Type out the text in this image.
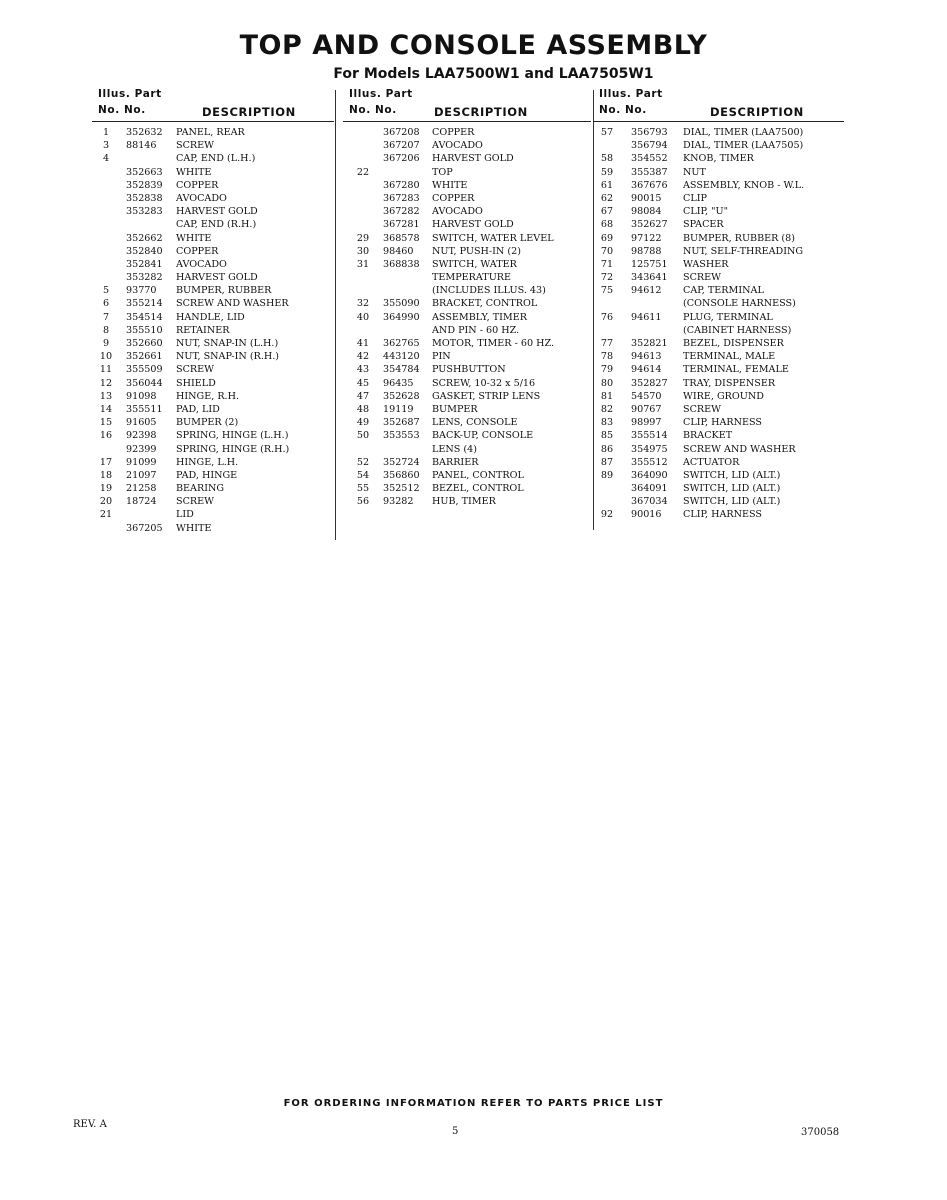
TOP AND CONSOLE ASSEMBLY
For Models LAA7500W1 and LAA7505W1
Illus. Part
No. No.	DESCRIPTION
1	352632 PANEL, REAR
3	88146 SCREW
4	CAP, END (L.H.)
352663 WHITE
352839 COPPER
352838 AVOCADO
353283 HARVEST GOLD
CAP, END (R.H.)
352662 WHITE
352840 COPPER
352841 AVOCADO
353282 HARVEST GOLD
5	93770 BUMPER, RUBBER
6	355214 SCREW AND WASHER
7	354514 HANDLE, LID
8	355510 RETAINER
9	352660 NUT, SNAP-IN (L.H.)
10 352661 NUT, SNAP-IN (R.H.)
11 355509 SCREW
12 356044 SHIELD
13 91098 HINGE, R.H.
14 355511 PAD, LID
15 91605 BUMPER (2)
16 92398 SPRING, HINGE (L.H.)
92399 SPRING, HINGE (R.H.)
17 91099 HINGE, L.H.
18 21097 PAD, HINGE
19 21258 BEARING
20 18724 SCREW
21	LID
367205 WHITE
Illus. Part
No. No.	DESCRIPTION
367208 COPPER
367207 AVOCADO
367206 HARVEST GOLD
22	TOP
367280 WHITE
367283 COPPER
367282 AVOCADO
367281 HARVEST GOLD
29 368578 SWITCH, WATER LEVEL
30 98460 NUT, PUSH-IN (2)
31 368838 SWITCH, WATER
TEMPERATURE
(INCLUDES ILLUS. 43)
32 355090 BRACKET, CONTROL
40 364990 ASSEMBLY, TIMER
AND PIN - 60 HZ.
41 362765 MOTOR, TIMER - 60 HZ.
42 443120 PIN
43 354784 PUSHBUTTON
45 96435 SCREW, 10-32 x 5/16
47 352628 GASKET, STRIP LENS
48 19119 BUMPER
49 352687 LENS, CONSOLE
50 353553 BACK-UP, CONSOLE
LENS (4)
52 352724 BARRIER
54 356860 PANEL, CONTROL
55 352512 BEZEL, CONTROL
56 93282 HUB, TIMER
Illus. Part
No. No.	DESCRIPTION
57 356793 DIAL, TIMER (LAA7500)
356794 DIAL, TIMER (LAA7505)
58 354552 KNOB, TIMER
59 355387 NUT
61 367676 ASSEMBLY, KNOB - W.L.
62 90015 CLIP
67 98084 CLIP, "U"
68 352627 SPACER
69 97122 BUMPER, RUBBER (8)
70 98788 NUT, SELF-THREADING
71 125751 WASHER
72 343641 SCREW
75 94612 CAP, TERMINAL
(CONSOLE HARNESS)
76 94611 PLUG, TERMINAL
(CABINET HARNESS)
77 352821 BEZEL, DISPENSER
78 94613 TERMINAL, MALE
79 94614 TERMINAL, FEMALE
80 352827 TRAY, DISPENSER
81 54570 WIRE, GROUND
82 90767 SCREW
83 98997 CLIP, HARNESS
85 355514 BRACKET
86 354975 SCREW AND WASHER
87 355512 ACTUATOR
89 364090 SWITCH, LID (ALT.)
364091 SWITCH, LID (ALT.)
367034 SWITCH, LID (ALT.)
92 90016 CLIP, HARNESS
FOR ORDERING INFORMATION REFER TO PARTS PRICE LIST
REV. A
5	370058
